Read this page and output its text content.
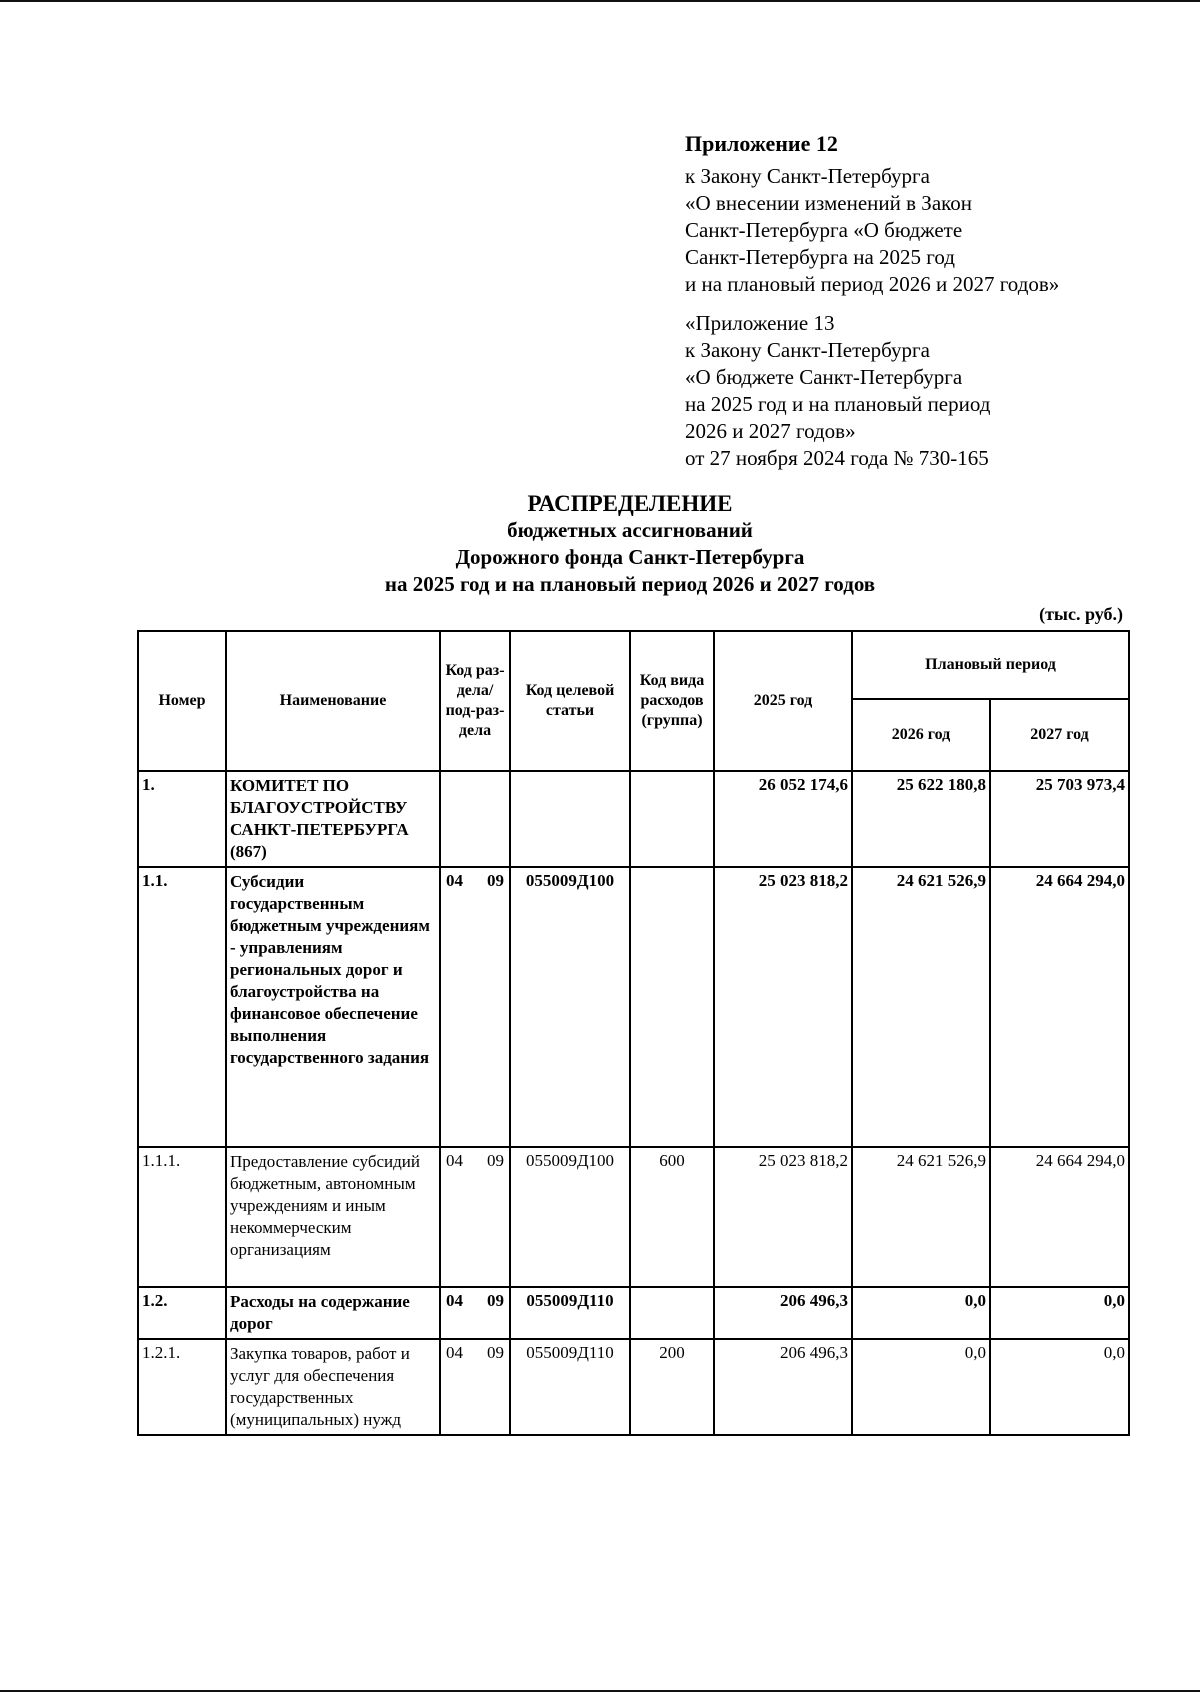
Приложение 12
к Закону Санкт-Петербурга
«О внесении изменений в Закон
Санкт-Петербурга «О бюджете
Санкт-Петербурга на 2025 год
и на плановый период 2026 и 2027 годов»
«Приложение 13
к Закону Санкт-Петербурга
«О бюджете Санкт-Петербурга
на 2025 год и на плановый период
2026 и 2027 годов»
от 27 ноября 2024 года № 730-165
РАСПРЕДЕЛЕНИЕ
бюджетных ассигнований
Дорожного фонда Санкт-Петербурга
на 2025 год и на плановый период 2026 и 2027 годов
(тыс. руб.)
Номер	Наименование	Код раз-дела/ под-раз-дела	Код целевой статьи	Код вида расходов (группа)	2025 год	Плановый период	
						2026 год	2027 год
1.	КОМИТЕТ ПО БЛАГОУСТРОЙСТВУ САНКТ-ПЕТЕРБУРГА (867)				26 052 174,6	25 622 180,8	25 703 973,4
1.1.	Субсидии государственным бюджетным учреждениям - управлениям региональных дорог и благоустройства на финансовое обеспечение выполнения государственного задания	04 09	055009Д100		25 023 818,2	24 621 526,9	24 664 294,0
1.1.1.	Предоставление субсидий бюджетным, автономным учреждениям и иным некоммерческим организациям	04 09	055009Д100	600	25 023 818,2	24 621 526,9	24 664 294,0
1.2.	Расходы на содержание дорог	04 09	055009Д110		206 496,3	0,0	0,0
1.2.1.	Закупка товаров, работ и услуг для обеспечения государственных (муниципальных) нужд	04 09	055009Д110	200	206 496,3	0,0	0,0
